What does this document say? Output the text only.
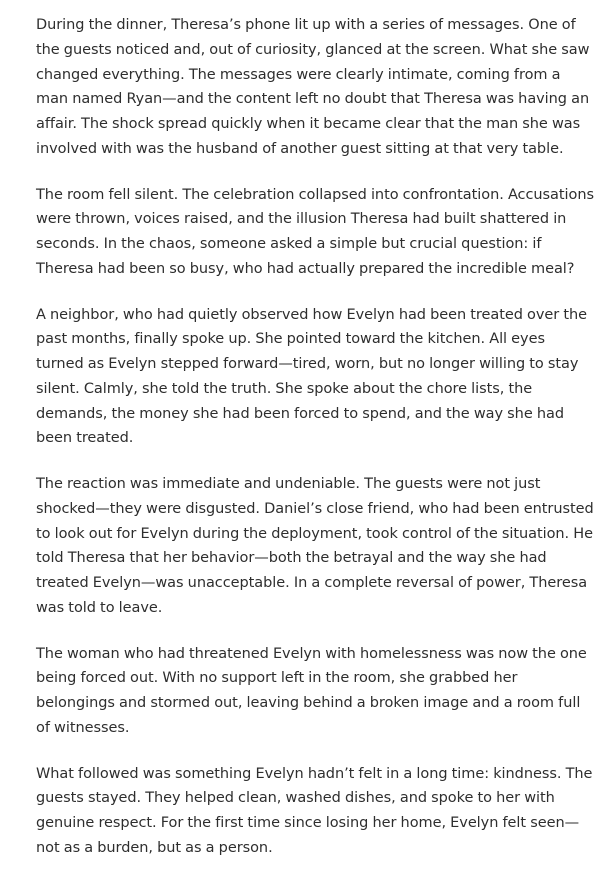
During the dinner, Theresa’s phone lit up with a series of messages. One of the guests noticed and, out of curiosity, glanced at the screen. What she saw changed everything. The messages were clearly intimate, coming from a man named Ryan—and the content left no doubt that Theresa was having an affair. The shock spread quickly when it became clear that the man she was involved with was the husband of another guest sitting at that very table.

The room fell silent. The celebration collapsed into confrontation. Accusations were thrown, voices raised, and the illusion Theresa had built shattered in seconds. In the chaos, someone asked a simple but crucial question: if Theresa had been so busy, who had actually prepared the incredible meal?

A neighbor, who had quietly observed how Evelyn had been treated over the past months, finally spoke up. She pointed toward the kitchen. All eyes turned as Evelyn stepped forward—tired, worn, but no longer willing to stay silent. Calmly, she told the truth. She spoke about the chore lists, the demands, the money she had been forced to spend, and the way she had been treated.

The reaction was immediate and undeniable. The guests were not just shocked—they were disgusted. Daniel’s close friend, who had been entrusted to look out for Evelyn during the deployment, took control of the situation. He told Theresa that her behavior—both the betrayal and the way she had treated Evelyn—was unacceptable. In a complete reversal of power, Theresa was told to leave.

The woman who had threatened Evelyn with homelessness was now the one being forced out. With no support left in the room, she grabbed her belongings and stormed out, leaving behind a broken image and a room full of witnesses.

What followed was something Evelyn hadn’t felt in a long time: kindness. The guests stayed. They helped clean, washed dishes, and spoke to her with genuine respect. For the first time since losing her home, Evelyn felt seen—not as a burden, but as a person.
